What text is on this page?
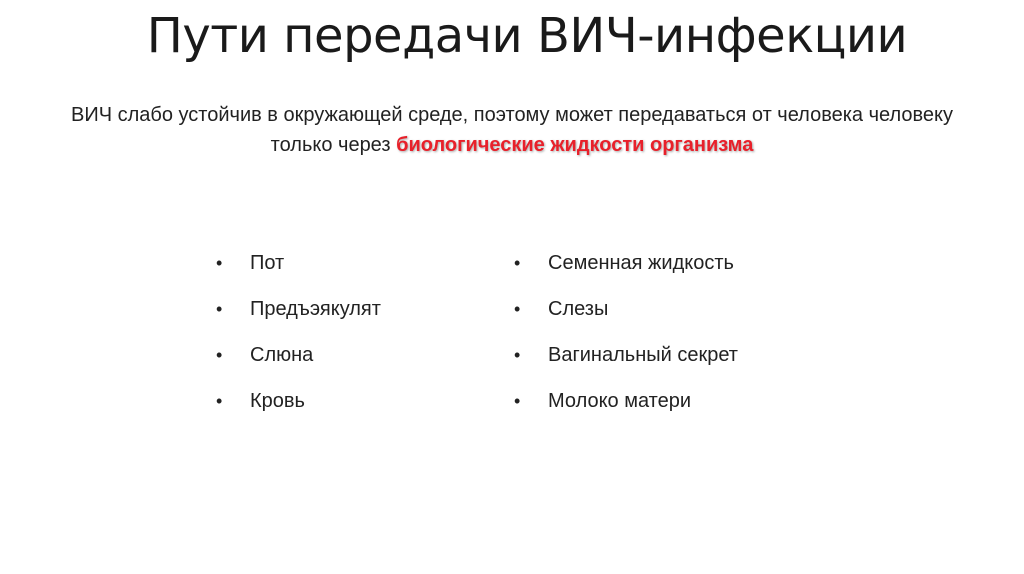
Пути передачи ВИЧ-инфекции
ВИЧ слабо устойчив в окружающей среде, поэтому может передаваться от человека человеку только через биологические жидкости организма
• Пот
• Предъэякулят
• Слюна
• Кровь
• Семенная жидкость
• Слезы
• Вагинальный секрет
• Молоко матери
